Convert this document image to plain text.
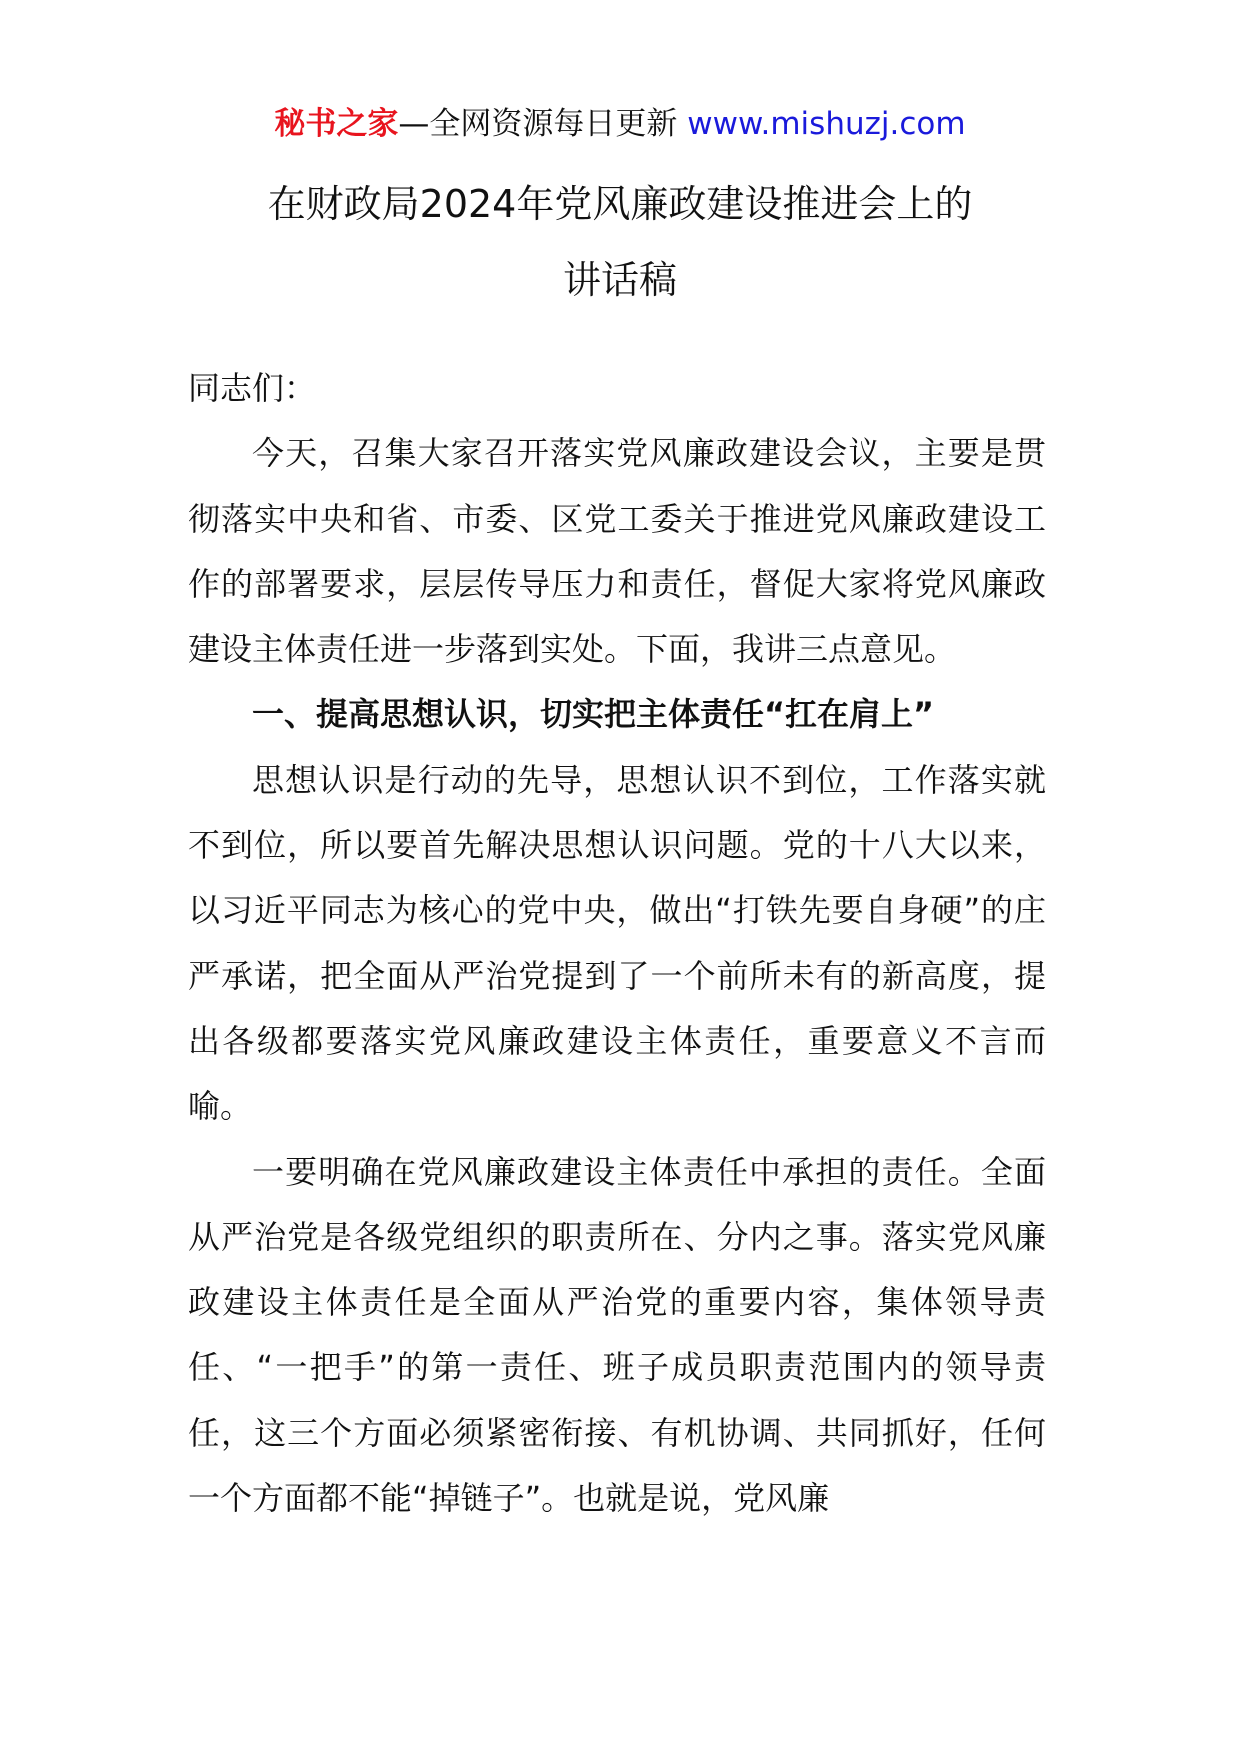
秘书之家—全网资源每日更新 www.mishuzj.com
在财政局2024年党风廉政建设推进会上的
讲话稿

同志们：

今天，召集大家召开落实党风廉政建设会议，主要是贯彻落实中央和省、市委、区党工委关于推进党风廉政建设工作的部署要求，层层传导压力和责任，督促大家将党风廉政建设主体责任进一步落到实处。下面，我讲三点意见。

一、提高思想认识，切实把主体责任“扛在肩上”

思想认识是行动的先导，思想认识不到位，工作落实就不到位，所以要首先解决思想认识问题。党的十八大以来，以习近平同志为核心的党中央，做出“打铁先要自身硬”的庄严承诺，把全面从严治党提到了一个前所未有的新高度，提出各级都要落实党风廉政建设主体责任，重要意义不言而喻。

一要明确在党风廉政建设主体责任中承担的责任。全面从严治党是各级党组织的职责所在、分内之事。落实党风廉政建设主体责任是全面从严治党的重要内容，集体领导责任、“一把手”的第一责任、班子成员职责范围内的领导责任，这三个方面必须紧密衔接、有机协调、共同抓好，任何一个方面都不能“掉链子”。也就是说，党风廉
